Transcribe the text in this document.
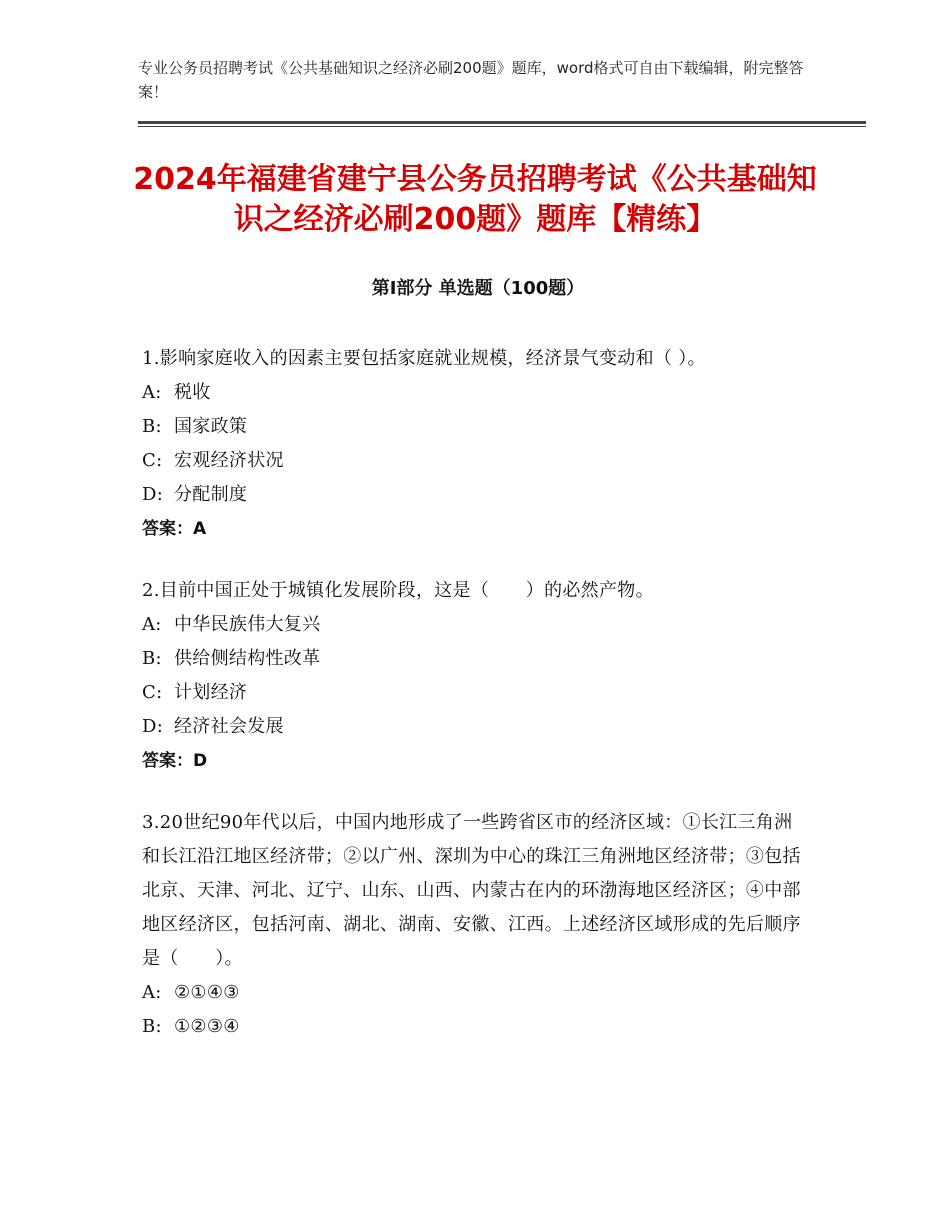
专业公务员招聘考试《公共基础知识之经济必刷200题》题库，word格式可自由下载编辑，附完整答案！
2024年福建省建宁县公务员招聘考试《公共基础知识之经济必刷200题》题库【精练】
第Ⅰ部分 单选题（100题）
1.影响家庭收入的因素主要包括家庭就业规模，经济景气变动和（ ）。
A: 税收
B: 国家政策
C: 宏观经济状况
D: 分配制度
答案：A
2.目前中国正处于城镇化发展阶段，这是（　　）的必然产物。
A: 中华民族伟大复兴
B: 供给侧结构性改革
C: 计划经济
D: 经济社会发展
答案：D
3.20世纪90年代以后，中国内地形成了一些跨省区市的经济区域：①长江三角洲和长江沿江地区经济带；②以广州、深圳为中心的珠江三角洲地区经济带；③包括北京、天津、河北、辽宁、山东、山西、内蒙古在内的环渤海地区经济区；④中部地区经济区，包括河南、湖北、湖南、安徽、江西。上述经济区域形成的先后顺序是（　　）。
A: ②①④③
B: ①②③④
